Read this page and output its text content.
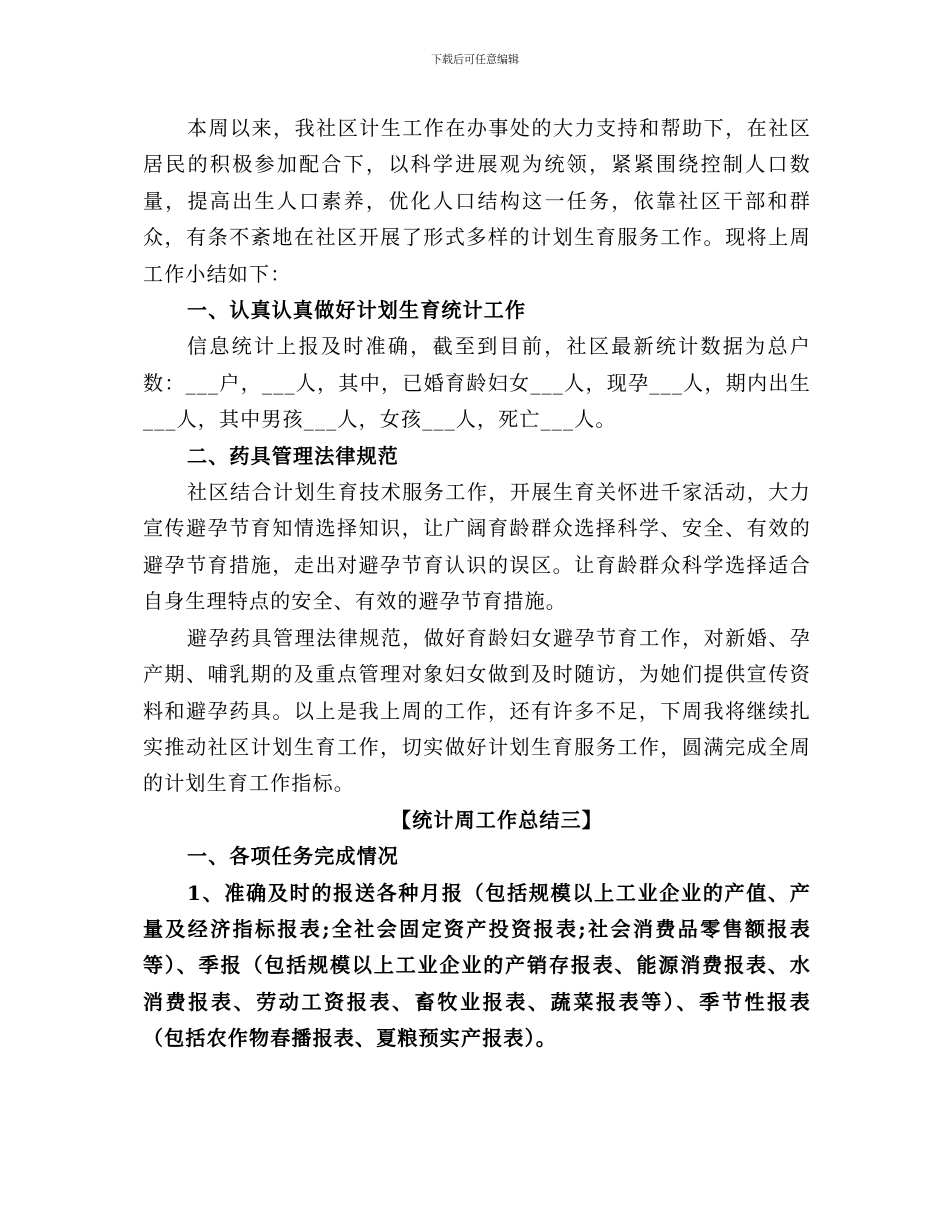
下载后可任意编辑

本周以来，我社区计生工作在办事处的大力支持和帮助下，在社区居民的积极参加配合下，以科学进展观为统领，紧紧围绕控制人口数量，提高出生人口素养，优化人口结构这一任务，依靠社区干部和群众，有条不紊地在社区开展了形式多样的计划生育服务工作。现将上周工作小结如下：

一、认真认真做好计划生育统计工作

信息统计上报及时准确，截至到目前，社区最新统计数据为总户数：___户，___人，其中，已婚育龄妇女___人，现孕___人，期内出生___人，其中男孩___人，女孩___人，死亡___人。

二、药具管理法律规范

社区结合计划生育技术服务工作，开展生育关怀进千家活动，大力宣传避孕节育知情选择知识，让广阔育龄群众选择科学、安全、有效的避孕节育措施，走出对避孕节育认识的误区。让育龄群众科学选择适合自身生理特点的安全、有效的避孕节育措施。

避孕药具管理法律规范，做好育龄妇女避孕节育工作，对新婚、孕产期、哺乳期的及重点管理对象妇女做到及时随访，为她们提供宣传资料和避孕药具。以上是我上周的工作，还有许多不足，下周我将继续扎实推动社区计划生育工作，切实做好计划生育服务工作，圆满完成全周的计划生育工作指标。

【统计周工作总结三】

一、各项任务完成情况

1、准确及时的报送各种月报（包括规模以上工业企业的产值、产量及经济指标报表;全社会固定资产投资报表;社会消费品零售额报表等）、季报（包括规模以上工业企业的产销存报表、能源消费报表、水消费报表、劳动工资报表、畜牧业报表、蔬菜报表等）、季节性报表（包括农作物春播报表、夏粮预实产报表）。
